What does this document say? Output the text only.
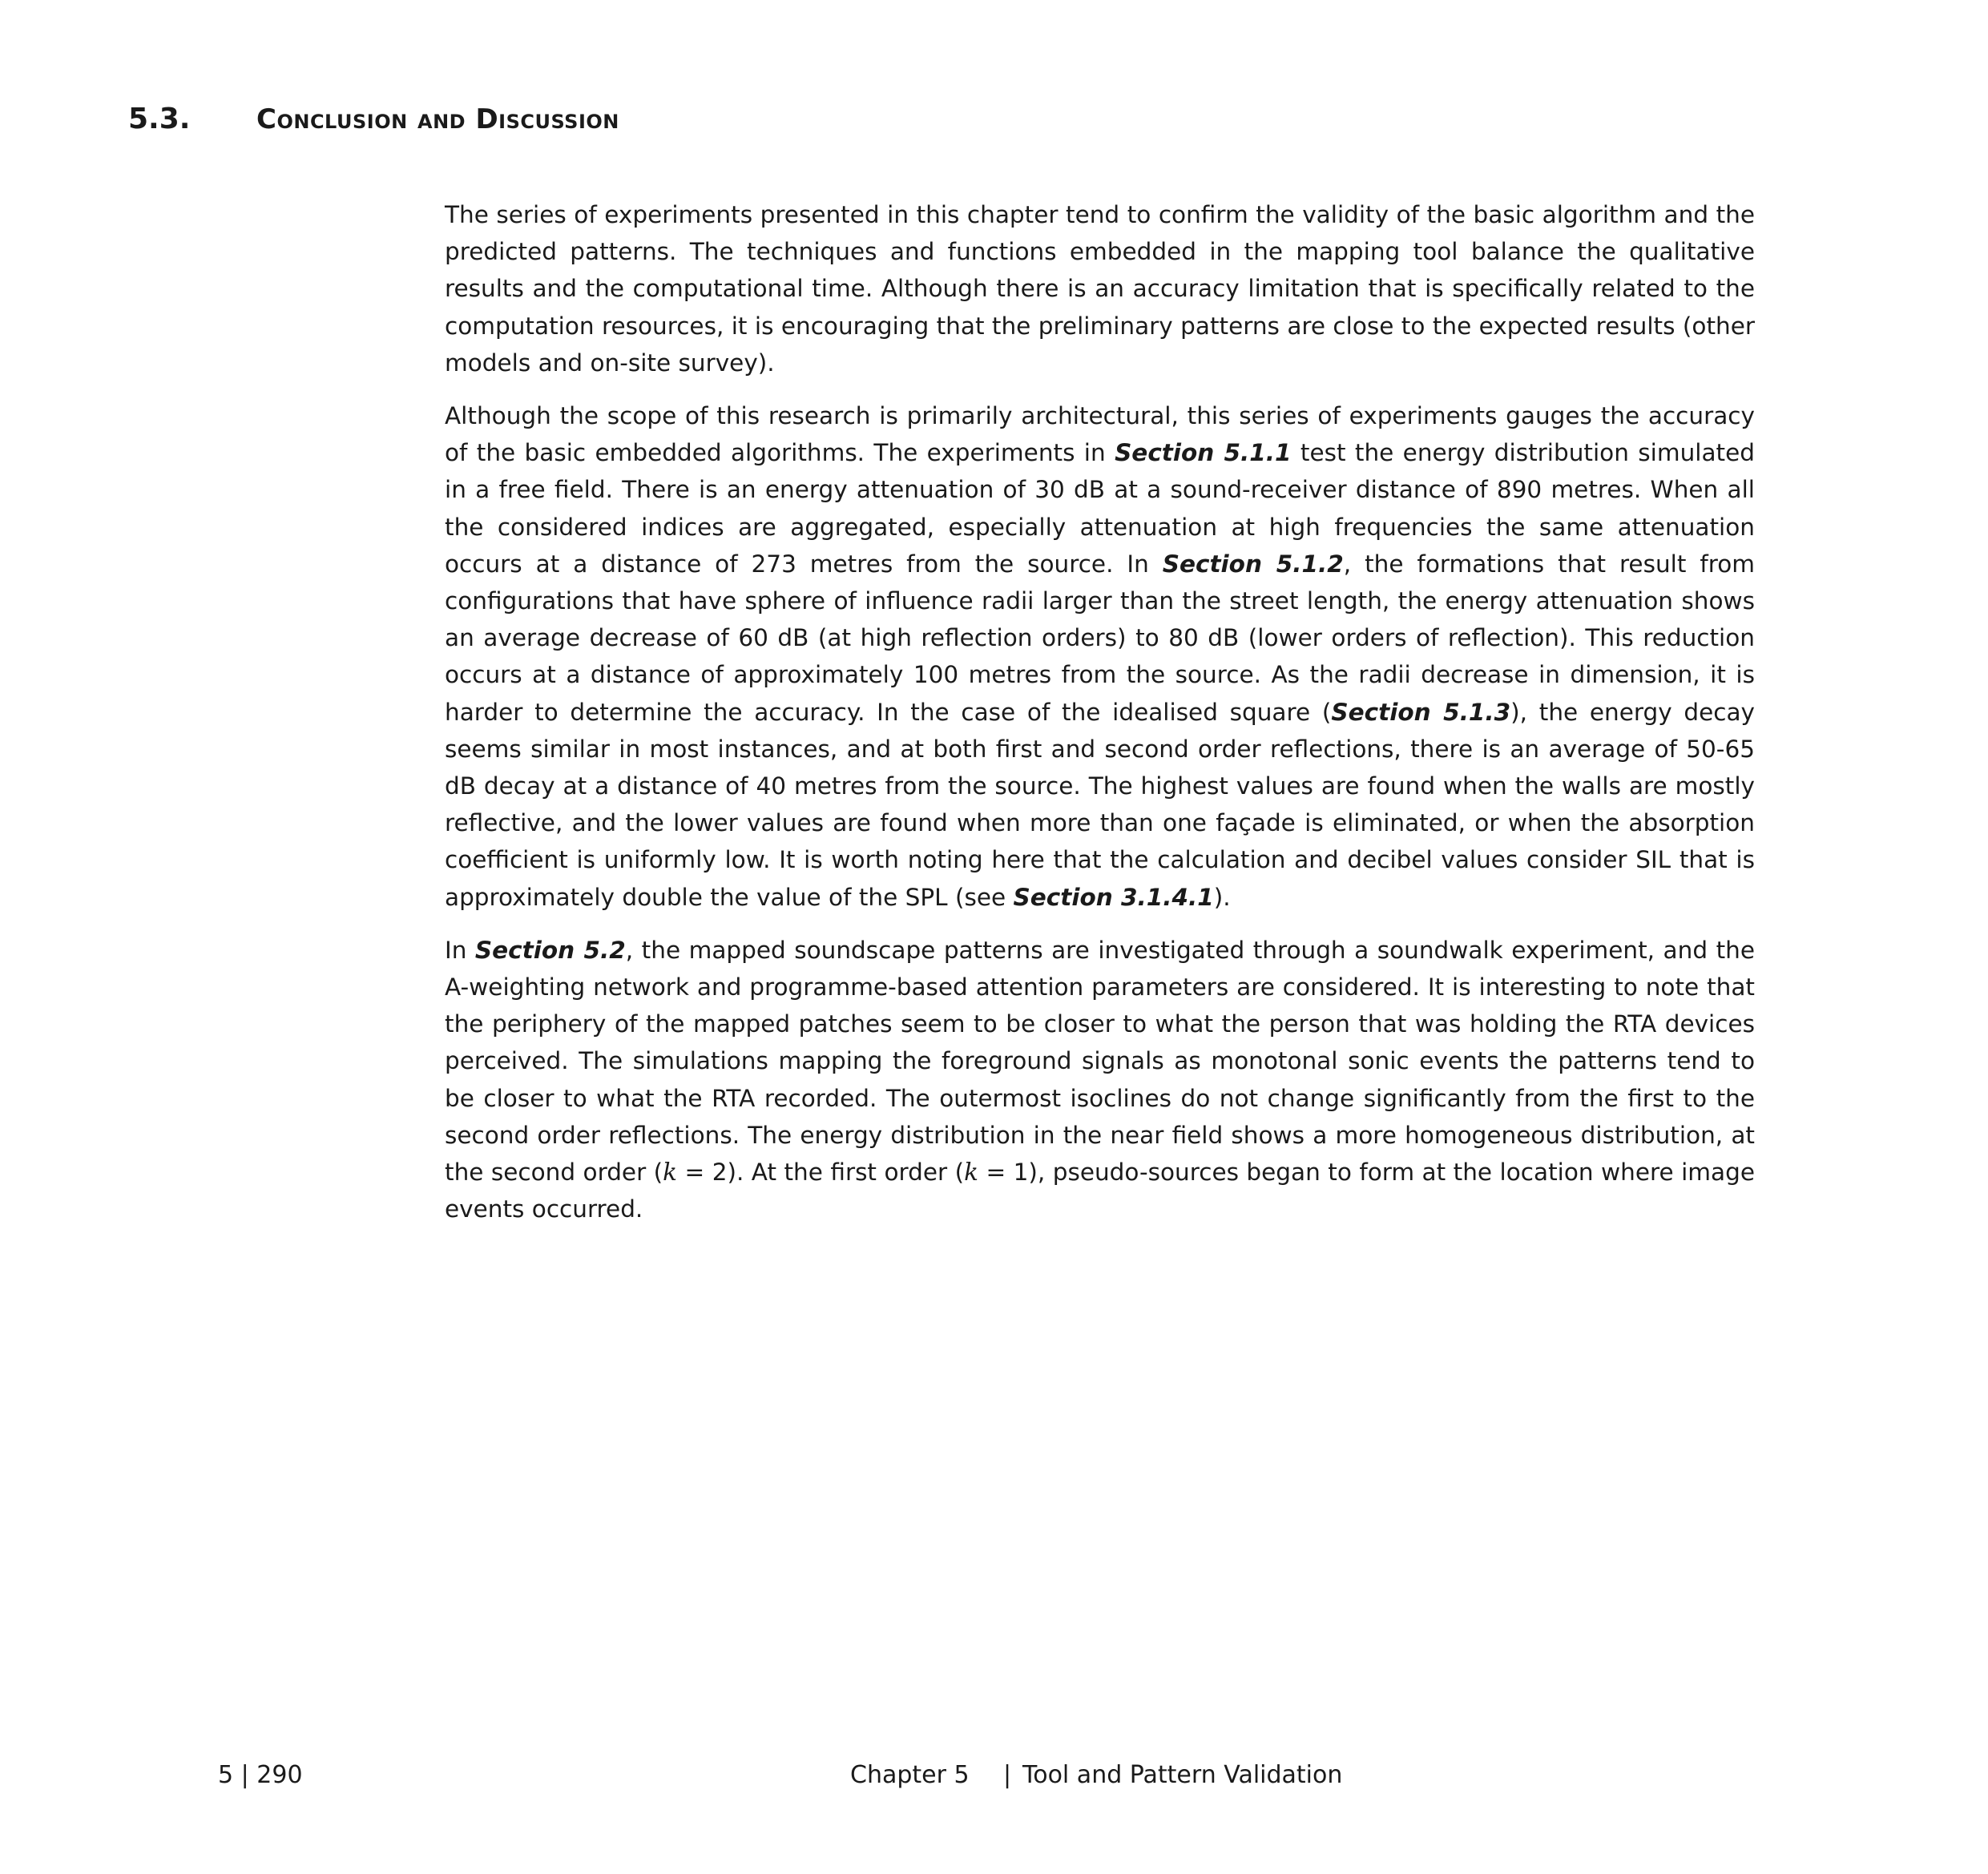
5.3.	Conclusion and Discussion

The series of experiments presented in this chapter tend to confirm the validity of the basic algorithm and the predicted patterns. The techniques and functions embedded in the mapping tool balance the qualitative results and the computational time. Although there is an accuracy limitation that is specifically related to the computation resources, it is encouraging that the preliminary patterns are close to the expected results (other models and on-site survey).

Although the scope of this research is primarily architectural, this series of experiments gauges the accuracy of the basic embedded algorithms. The experiments in Section 5.1.1 test the energy distribution simulated in a free field. There is an energy attenuation of 30 dB at a sound-receiver distance of 890 metres. When all the considered indices are aggregated, especially attenuation at high frequencies the same attenuation occurs at a distance of 273 metres from the source. In Section 5.1.2, the formations that result from configurations that have sphere of influence radii larger than the street length, the energy attenuation shows an average decrease of 60 dB (at high reflection orders) to 80 dB (lower orders of reflection). This reduction occurs at a distance of approximately 100 metres from the source. As the radii decrease in dimension, it is harder to determine the accuracy. In the case of the idealised square (Section 5.1.3), the energy decay seems similar in most instances, and at both first and second order reflections, there is an average of 50-65 dB decay at a distance of 40 metres from the source. The highest values are found when the walls are mostly reflective, and the lower values are found when more than one façade is eliminated, or when the absorption coefficient is uniformly low. It is worth noting here that the calculation and decibel values consider SIL that is approximately double the value of the SPL (see Section 3.1.4.1).

In Section 5.2, the mapped soundscape patterns are investigated through a soundwalk experiment, and the A-weighting network and programme-based attention parameters are considered. It is interesting to note that the periphery of the mapped patches seem to be closer to what the person that was holding the RTA devices perceived. The simulations mapping the foreground signals as monotonal sonic events the patterns tend to be closer to what the RTA recorded. The outermost isoclines do not change significantly from the first to the second order reflections. The energy distribution in the near field shows a more homogeneous distribution, at the second order (k = 2). At the first order (k = 1), pseudo-sources began to form at the location where image events occurred.

5 | 290	Chapter 5 | Tool and Pattern Validation
